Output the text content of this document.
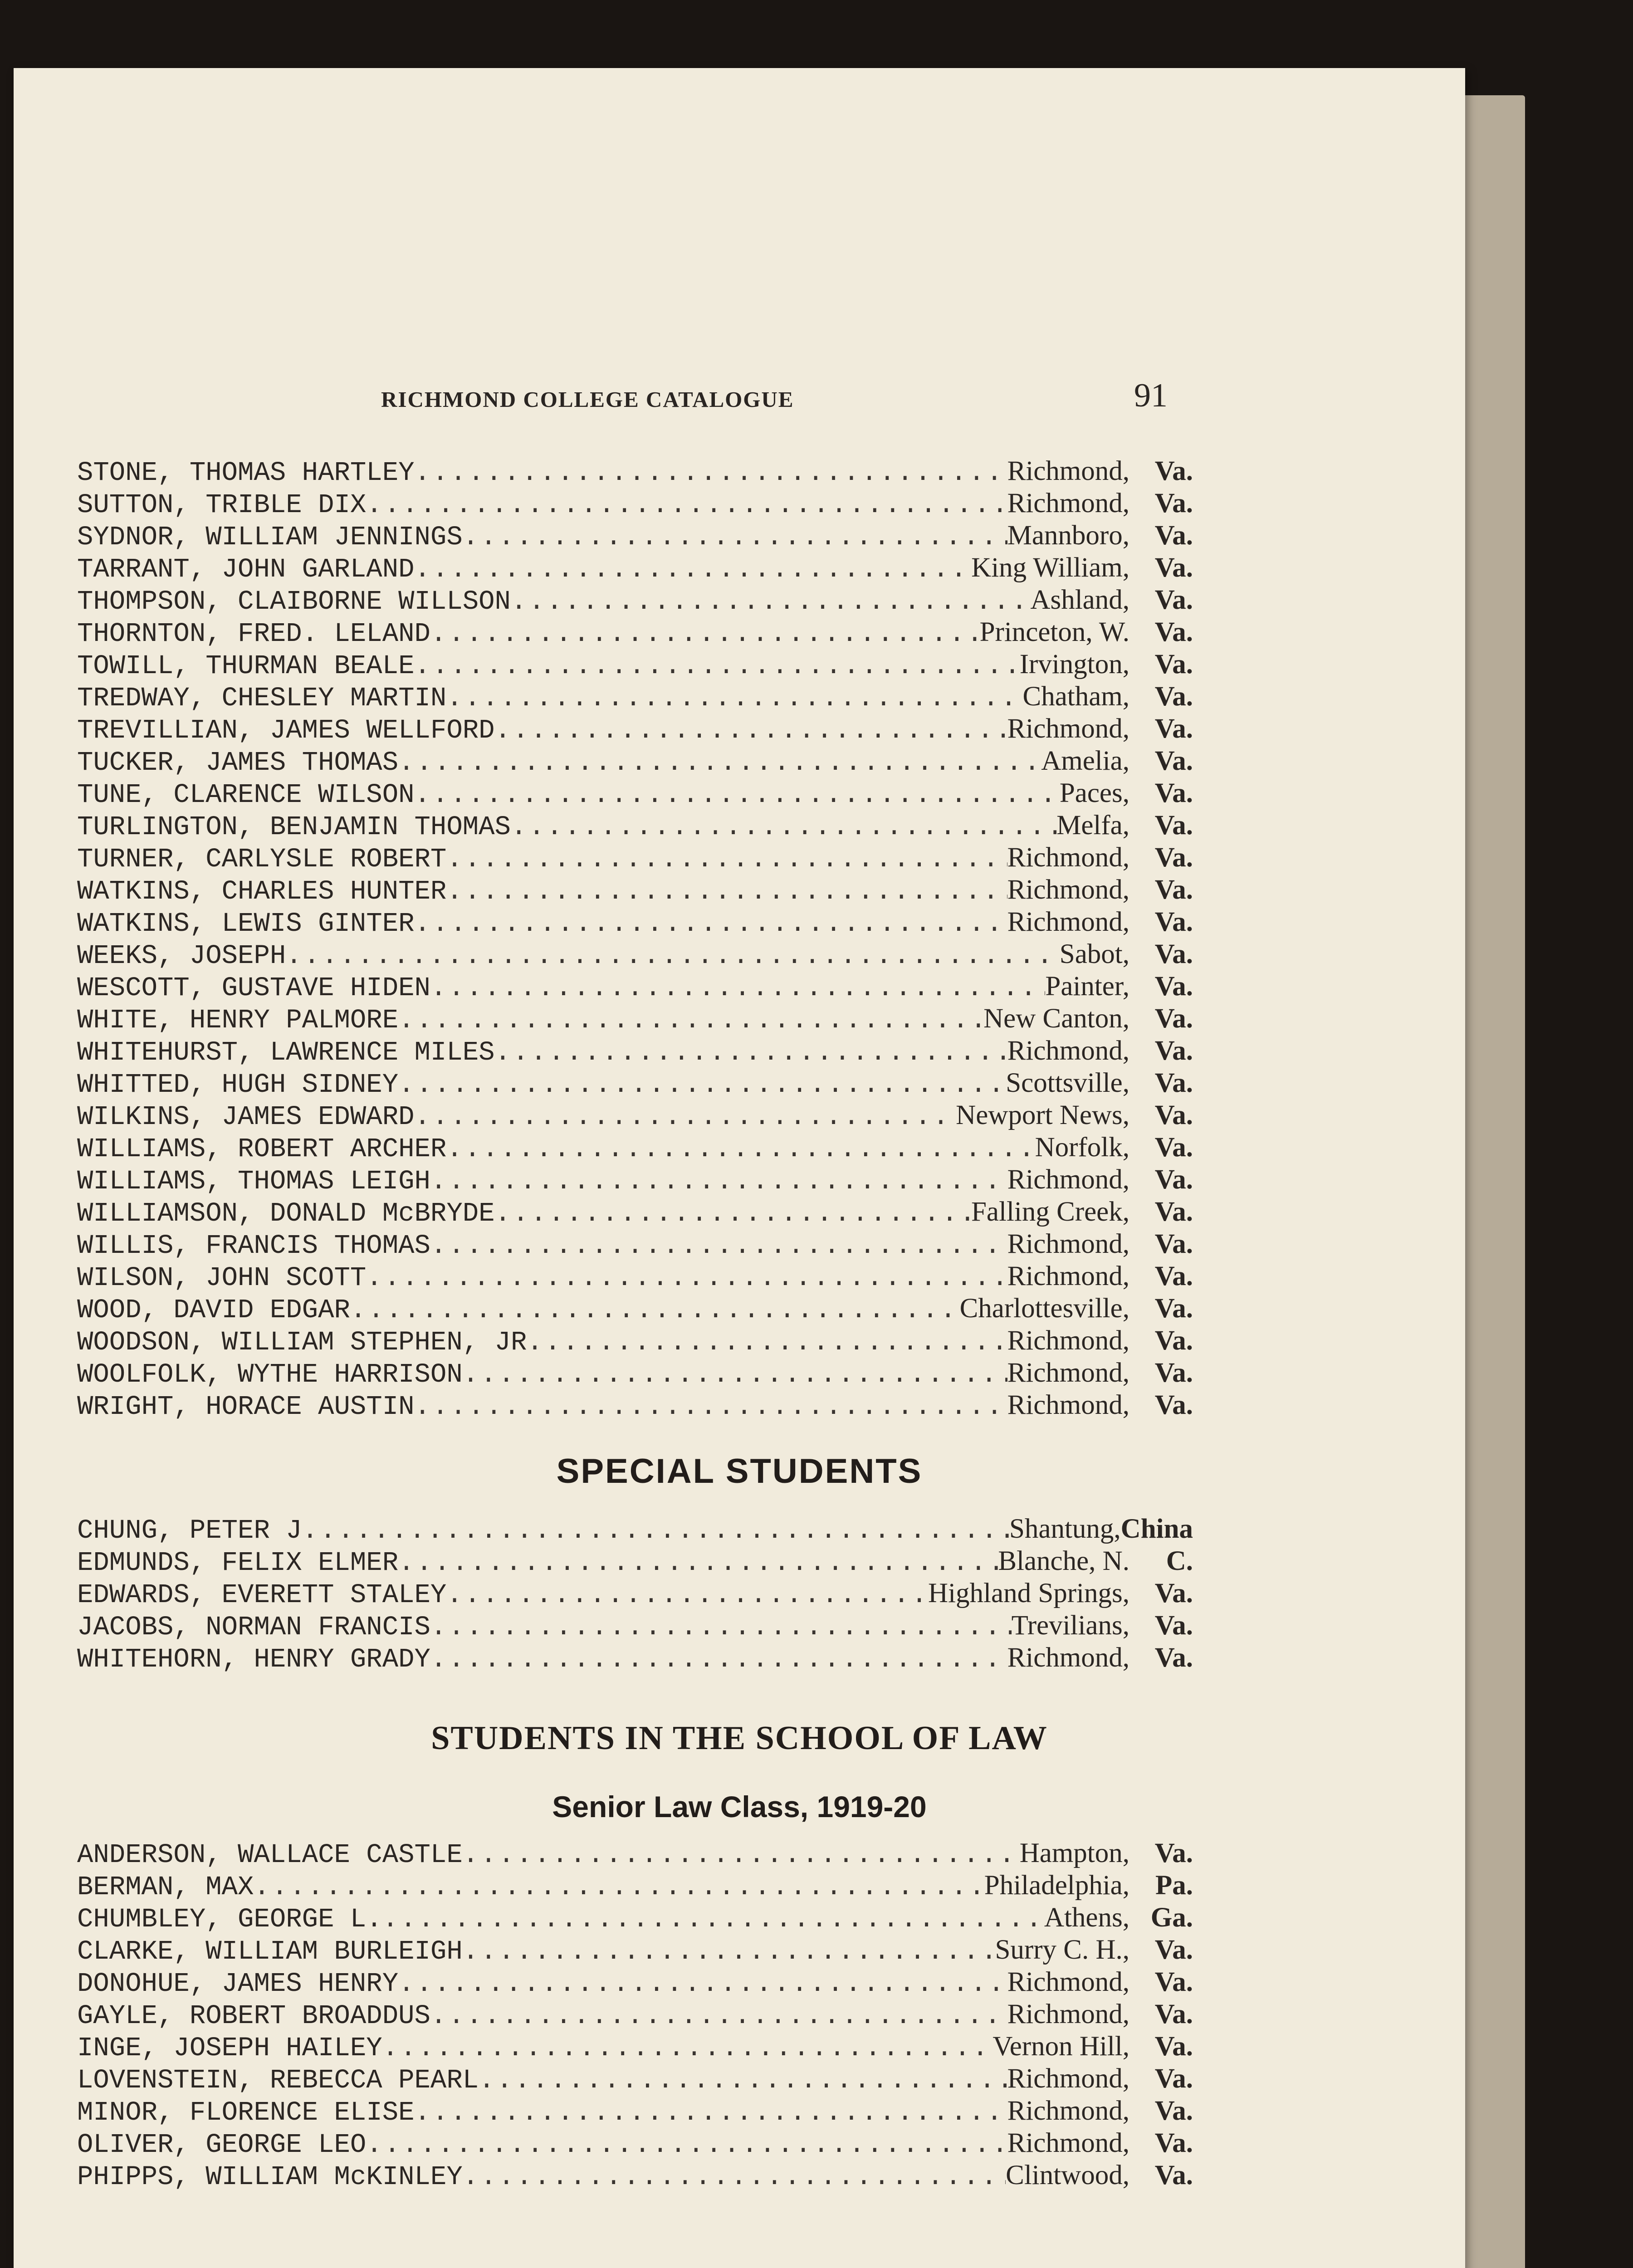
RICHMOND COLLEGE CATALOGUE	91
STONE, THOMAS HARTLEY .....	Richmond, Va.
SUTTON, TRIBLE DIX .....	Richmond, Va.
SYDNOR, WILLIAM JENNINGS .....	Mannboro, Va.
TARRANT, JOHN GARLAND .....	King William, Va.
THOMPSON, CLAIBORNE WILLSON .....	Ashland, Va.
THORNTON, FRED. LELAND .....	Princeton, W. Va.
TOWILL, THURMAN BEALE .....	Irvington, Va.
TREDWAY, CHESLEY MARTIN .....	Chatham, Va.
TREVILLIAN, JAMES WELLFORD .....	Richmond, Va.
TUCKER, JAMES THOMAS .....	Amelia, Va.
TUNE, CLARENCE WILSON .....	Paces, Va.
TURLINGTON, BENJAMIN THOMAS .....	Melfa, Va.
TURNER, CARLYSLE ROBERT .....	Richmond, Va.
WATKINS, CHARLES HUNTER .....	Richmond, Va.
WATKINS, LEWIS GINTER .....	Richmond, Va.
WEEKS, JOSEPH .....	Sabot, Va.
WESCOTT, GUSTAVE HIDEN .....	Painter, Va.
WHITE, HENRY PALMORE .....	New Canton, Va.
WHITEHURST, LAWRENCE MILES .....	Richmond, Va.
WHITTED, HUGH SIDNEY .....	Scottsville, Va.
WILKINS, JAMES EDWARD .....	Newport News, Va.
WILLIAMS, ROBERT ARCHER .....	Norfolk, Va.
WILLIAMS, THOMAS LEIGH .....	Richmond, Va.
WILLIAMSON, DONALD McBRYDE .....	Falling Creek, Va.
WILLIS, FRANCIS THOMAS .....	Richmond, Va.
WILSON, JOHN SCOTT .....	Richmond, Va.
WOOD, DAVID EDGAR .....	Charlottesville, Va.
WOODSON, WILLIAM STEPHEN, JR .....	Richmond, Va.
WOOLFOLK, WYTHE HARRISON .....	Richmond, Va.
WRIGHT, HORACE AUSTIN .....	Richmond, Va.
SPECIAL STUDENTS
CHUNG, PETER J .....	Shantung, China
EDMUNDS, FELIX ELMER .....	Blanche, N.	C.
EDWARDS, EVERETT STALEY .....	Highland Springs, Va.
JACOBS, NORMAN FRANCIS .....	Trevilians, Va.
WHITEHORN, HENRY GRADY .....	Richmond, Va.
STUDENTS IN THE SCHOOL OF LAW
Senior Law Class, 1919-20
ANDERSON, WALLACE CASTLE .....	Hampton, Va.
BERMAN, MAX .....	Philadelphia, Pa.
CHUMBLEY, GEORGE L. .....	Athens, Ga.
CLARKE, WILLIAM BURLEIGH .....	Surry C. H., Va.
DONOHUE, JAMES HENRY .....	Richmond, Va.
GAYLE, ROBERT BROADDUS .....	Richmond, Va.
INGE, JOSEPH HAILEY .....	Vernon Hill, Va.
LOVENSTEIN, REBECCA PEARL .....	Richmond, Va.
MINOR, FLORENCE ELISE .....	Richmond, Va.
OLIVER, GEORGE LEO .....	Richmond, Va.
PHIPPS, WILLIAM McKINLEY .....	Clintwood, Va.
